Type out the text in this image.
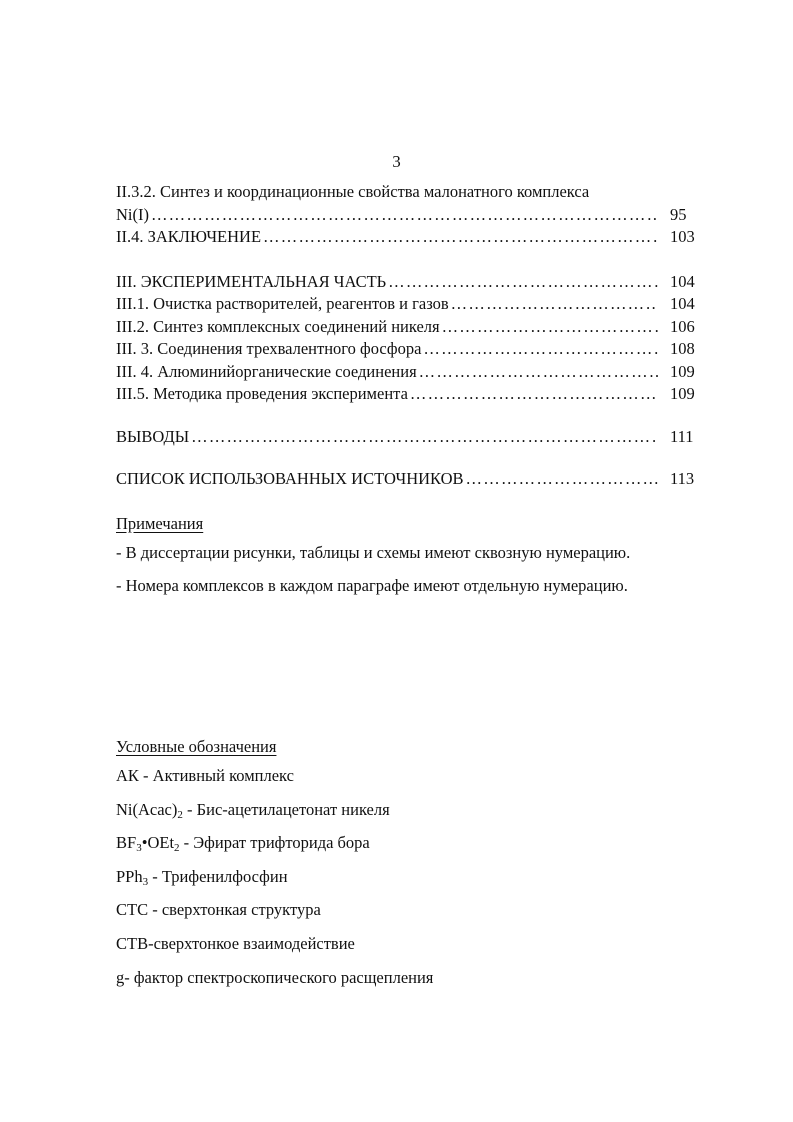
3
II.3.2. Синтез и координационные свойства малонатного комплекса
Ni(I) ………………………………………………………………………………………………………………………………………………………………………	95
II.4. ЗАКЛЮЧЕНИЕ ………………………………………………………………………………………………………………………………………………………………………	103
III. ЭКСПЕРИМЕНТАЛЬНАЯ ЧАСТЬ ………………………………………………………………………………………………………………………………………………………………………	104
III.1. Очистка растворителей, реагентов и газов ………………………………………………………………………………………………………………………………………………………………………	104
III.2. Синтез комплексных соединений никеля ………………………………………………………………………………………………………………………………………………………………………	106
III. 3. Соединения трехвалентного фосфора ………………………………………………………………………………………………………………………………………………………………………	108
III. 4. Алюминийорганические соединения ………………………………………………………………………………………………………………………………………………………………………	109
III.5. Методика проведения эксперимента ………………………………………………………………………………………………………………………………………………………………………	109
ВЫВОДЫ ………………………………………………………………………………………………………………………………………………………………………	111
СПИСОК ИСПОЛЬЗОВАННЫХ ИСТОЧНИКОВ ………………………………………………………………………………………………………………………………………………………………………	113
Примечания
- В диссертации рисунки, таблицы и схемы имеют сквозную нумерацию.
- Номера комплексов в каждом параграфе имеют отдельную нумерацию.
Условные обозначения
АК - Активный комплекс
$Ni(Acac)_2$ - Бис-ацетилацетонат никеля
$BF_3•OEt_2$ - Эфират трифторида бора
PPh$_3$ - Трифенилфосфин
СТС - сверхтонкая структура
СТВ-сверхтонкое взаимодействие
g- фактор спектроскопического расщепления
